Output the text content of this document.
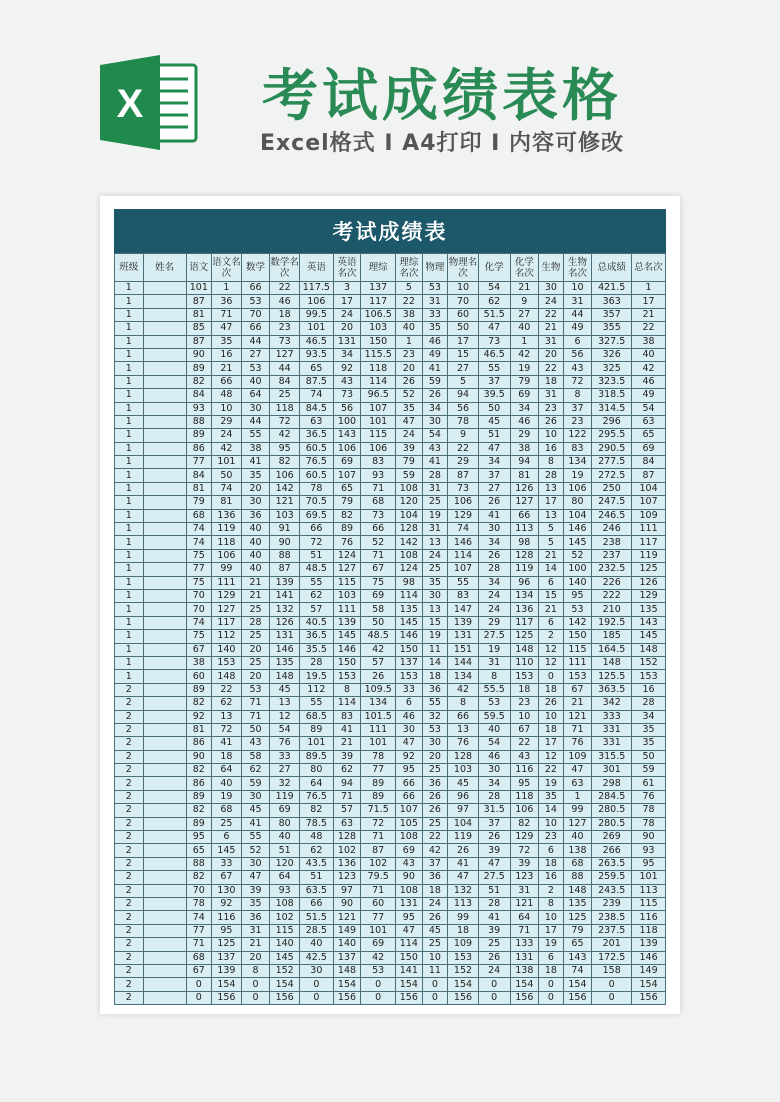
X	考试成绩表格
Excel格式 I A4打印 I 内容可修改
考试成绩表
班级	姓名	语文	语文名次	数学	数学名次	英语	英语名次	理综	理综名次	物理	物理名次	化学	化学名次	生物	生物名次	总成绩	总名次
1		101	1	66	22	117.5	3	137	5	53	10	54	21	30	10	421.5	1
1		87	36	53	46	106	17	117	22	31	70	62	9	24	31	363	17
1		81	71	70	18	99.5	24	106.5	38	33	60	51.5	27	22	44	357	21
1		85	47	66	23	101	20	103	40	35	50	47	40	21	49	355	22
1		87	35	44	73	46.5	131	150	1	46	17	73	1	31	6	327.5	38
1		90	16	27	127	93.5	34	115.5	23	49	15	46.5	42	20	56	326	40
1		89	21	53	44	65	92	118	20	41	27	55	19	22	43	325	42
1		82	66	40	84	87.5	43	114	26	59	5	37	79	18	72	323.5	46
1		84	48	64	25	74	73	96.5	52	26	94	39.5	69	31	8	318.5	49
1		93	10	30	118	84.5	56	107	35	34	56	50	34	23	37	314.5	54
1		88	29	44	72	63	100	101	47	30	78	45	46	26	23	296	63
1		89	24	55	42	36.5	143	115	24	54	9	51	29	10	122	295.5	65
1		86	42	38	95	60.5	106	106	39	43	22	47	38	16	83	290.5	69
1		77	101	41	82	76.5	69	83	79	41	29	34	94	8	134	277.5	84
1		84	50	35	106	60.5	107	93	59	28	87	37	81	28	19	272.5	87
1		81	74	20	142	78	65	71	108	31	73	27	126	13	106	250	104
1		79	81	30	121	70.5	79	68	120	25	106	26	127	17	80	247.5	107
1		68	136	36	103	69.5	82	73	104	19	129	41	66	13	104	246.5	109
1		74	119	40	91	66	89	66	128	31	74	30	113	5	146	246	111
1		74	118	40	90	72	76	52	142	13	146	34	98	5	145	238	117
1		75	106	40	88	51	124	71	108	24	114	26	128	21	52	237	119
1		77	99	40	87	48.5	127	67	124	25	107	28	119	14	100	232.5	125
1		75	111	21	139	55	115	75	98	35	55	34	96	6	140	226	126
1		70	129	21	141	62	103	69	114	30	83	24	134	15	95	222	129
1		70	127	25	132	57	111	58	135	13	147	24	136	21	53	210	135
1		74	117	28	126	40.5	139	50	145	15	139	29	117	6	142	192.5	143
1		75	112	25	131	36.5	145	48.5	146	19	131	27.5	125	2	150	185	145
1		67	140	20	146	35.5	146	42	150	11	151	19	148	12	115	164.5	148
1		38	153	25	135	28	150	57	137	14	144	31	110	12	111	148	152
1		60	148	20	148	19.5	153	26	153	18	134	8	153	0	153	125.5	153
2		89	22	53	45	112	8	109.5	33	36	42	55.5	18	18	67	363.5	16
2		82	62	71	13	55	114	134	6	55	8	53	23	26	21	342	28
2		92	13	71	12	68.5	83	101.5	46	32	66	59.5	10	10	121	333	34
2		81	72	50	54	89	41	111	30	53	13	40	67	18	71	331	35
2		86	41	43	76	101	21	101	47	30	76	54	22	17	76	331	35
2		90	18	58	33	89.5	39	78	92	20	128	46	43	12	109	315.5	50
2		82	64	62	27	80	62	77	95	25	103	30	116	22	47	301	59
2		86	40	59	32	64	94	89	66	36	45	34	95	19	63	298	61
2		89	19	30	119	76.5	71	89	66	26	96	28	118	35	1	284.5	76
2		82	68	45	69	82	57	71.5	107	26	97	31.5	106	14	99	280.5	78
2		89	25	41	80	78.5	63	72	105	25	104	37	82	10	127	280.5	78
2		95	6	55	40	48	128	71	108	22	119	26	129	23	40	269	90
2		65	145	52	51	62	102	87	69	42	26	39	72	6	138	266	93
2		88	33	30	120	43.5	136	102	43	37	41	47	39	18	68	263.5	95
2		82	67	47	64	51	123	79.5	90	36	47	27.5	123	16	88	259.5	101
2		70	130	39	93	63.5	97	71	108	18	132	51	31	2	148	243.5	113
2		78	92	35	108	66	90	60	131	24	113	28	121	8	135	239	115
2		74	116	36	102	51.5	121	77	95	26	99	41	64	10	125	238.5	116
2		77	95	31	115	28.5	149	101	47	45	18	39	71	17	79	237.5	118
2		71	125	21	140	40	140	69	114	25	109	25	133	19	65	201	139
2		68	137	20	145	42.5	137	42	150	10	153	26	131	6	143	172.5	146
2		67	139	8	152	30	148	53	141	11	152	24	138	18	74	158	149
2		0	154	0	154	0	154	0	154	0	154	0	154	0	154	0	154
2		0	156	0	156	0	156	0	156	0	156	0	156	0	156	0	156
